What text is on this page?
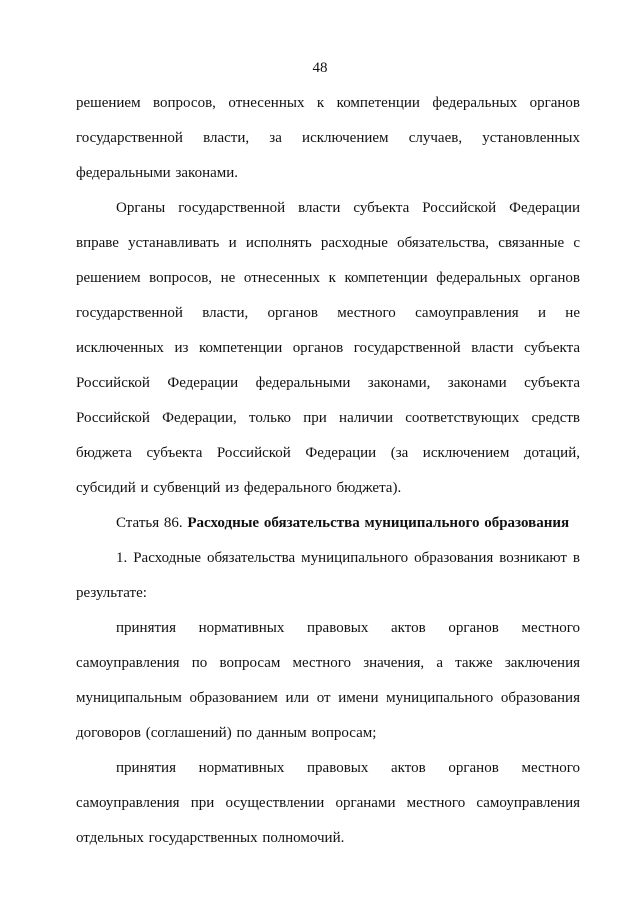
48
решением вопросов, отнесенных к компетенции федеральных органов
государственной власти, за исключением случаев, установленных
федеральными законами.
Органы государственной власти субъекта Российской Федерации
вправе устанавливать и исполнять расходные обязательства, связанные с
решением вопросов, не отнесенных к компетенции федеральных органов
государственной власти, органов местного самоуправления и не
исключенных из компетенции органов государственной власти субъекта
Российской Федерации федеральными законами, законами субъекта
Российской Федерации, только при наличии соответствующих средств
бюджета субъекта Российской Федерации (за исключением дотаций,
субсидий и субвенций из федерального бюджета).
Статья 86. Расходные обязательства муниципального образования
1. Расходные обязательства муниципального образования возникают в
результате:
принятия нормативных правовых актов органов местного
самоуправления по вопросам местного значения, а также заключения
муниципальным образованием или от имени муниципального образования
договоров (соглашений) по данным вопросам;
принятия нормативных правовых актов органов местного
самоуправления при осуществлении органами местного самоуправления
отдельных государственных полномочий.
